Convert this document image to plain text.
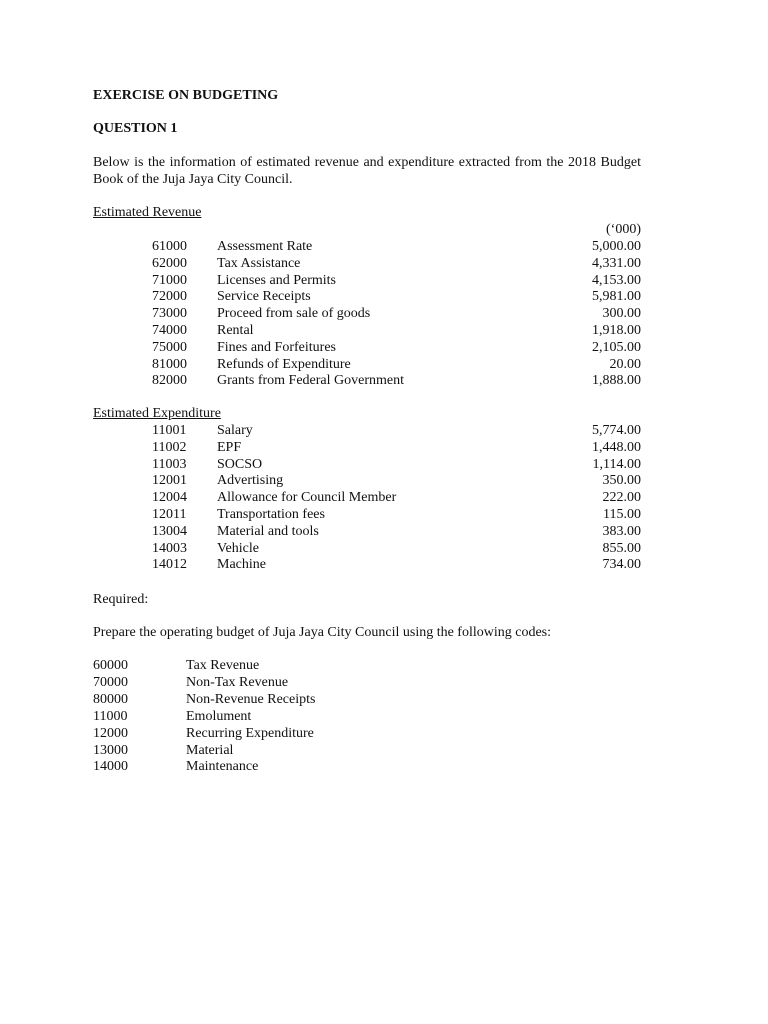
EXERCISE ON BUDGETING
QUESTION 1
Below is the information of estimated revenue and expenditure extracted from the 2018 Budget Book of the Juja Jaya City Council.
Estimated Revenue
(‘000)
61000 Assessment Rate	5,000.00
62000 Tax Assistance	4,331.00
71000 Licenses and Permits	4,153.00
72000 Service Receipts	5,981.00
73000 Proceed from sale of goods	300.00
74000 Rental	1,918.00
75000 Fines and Forfeitures	2,105.00
81000 Refunds of Expenditure	20.00
82000 Grants from Federal Government	1,888.00
Estimated Expenditure
11001 Salary	5,774.00
11002 EPF	1,448.00
11003 SOCSO	1,114.00
12001 Advertising	350.00
12004 Allowance for Council Member	222.00
12011 Transportation fees	115.00
13004 Material and tools	383.00
14003 Vehicle	855.00
14012 Machine	734.00
Required:
Prepare the operating budget of Juja Jaya City Council using the following codes:
60000	Tax Revenue
70000	Non-Tax Revenue
80000	Non-Revenue Receipts
11000	Emolument
12000	Recurring Expenditure
13000	Material
14000	Maintenance
